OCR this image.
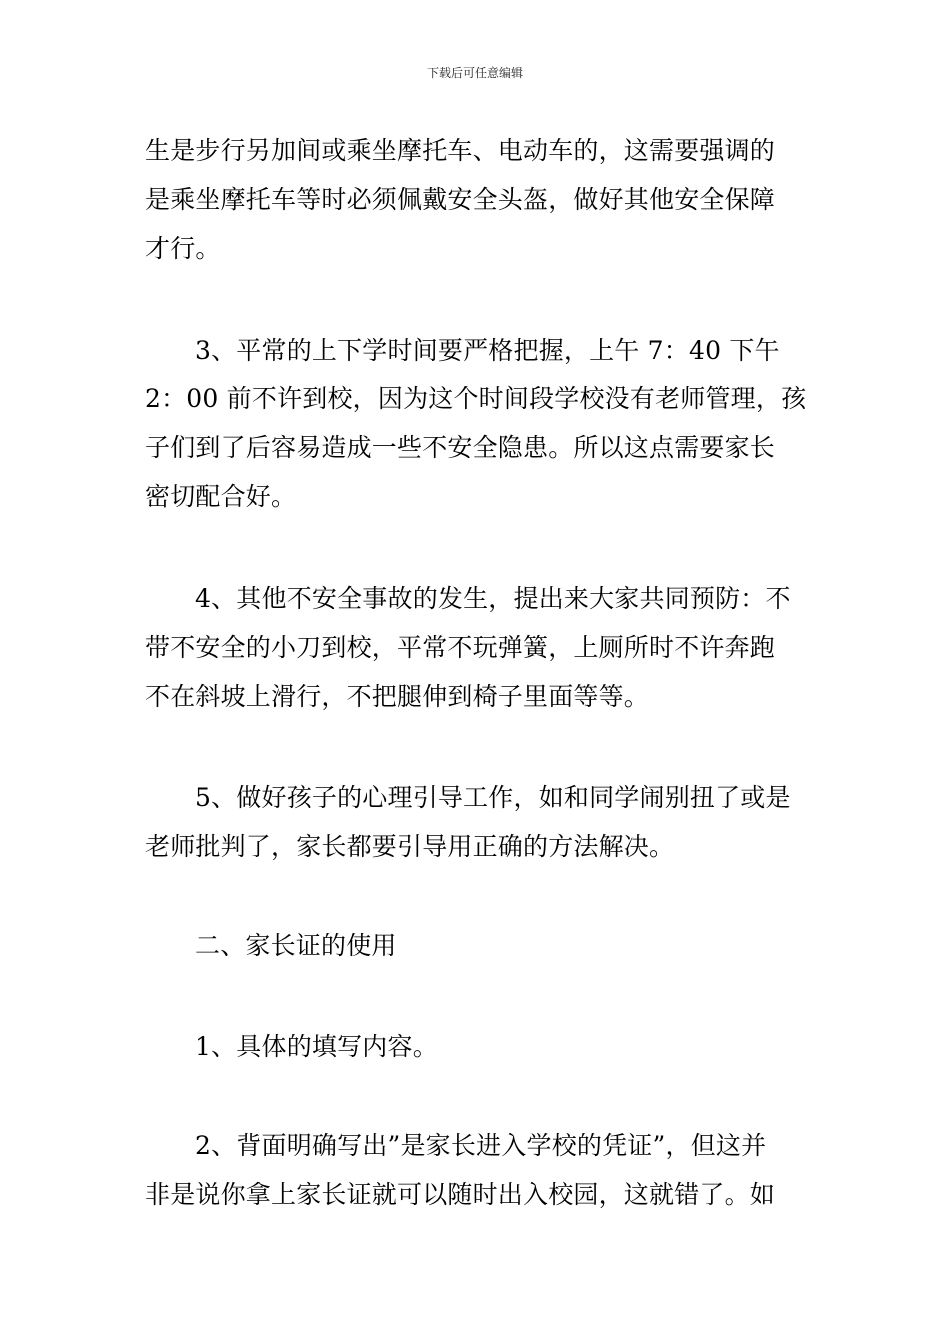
下载后可任意编辑
生是步行另加间或乘坐摩托车、电动车的，这需要强调的
是乘坐摩托车等时必须佩戴安全头盔，做好其他安全保障
才行。
3、平常的上下学时间要严格把握，上午 7：40 下午
2：00 前不许到校，因为这个时间段学校没有老师管理，孩
子们到了后容易造成一些不安全隐患。所以这点需要家长
密切配合好。
4、其他不安全事故的发生，提出来大家共同预防：不
带不安全的小刀到校，平常不玩弹簧，上厕所时不许奔跑
不在斜坡上滑行，不把腿伸到椅子里面等等。
5、做好孩子的心理引导工作，如和同学闹别扭了或是
老师批判了，家长都要引导用正确的方法解决。
二、家长证的使用
1、具体的填写内容。
2、背面明确写出”是家长进入学校的凭证”，但这并
非是说你拿上家长证就可以随时出入校园，这就错了。如
